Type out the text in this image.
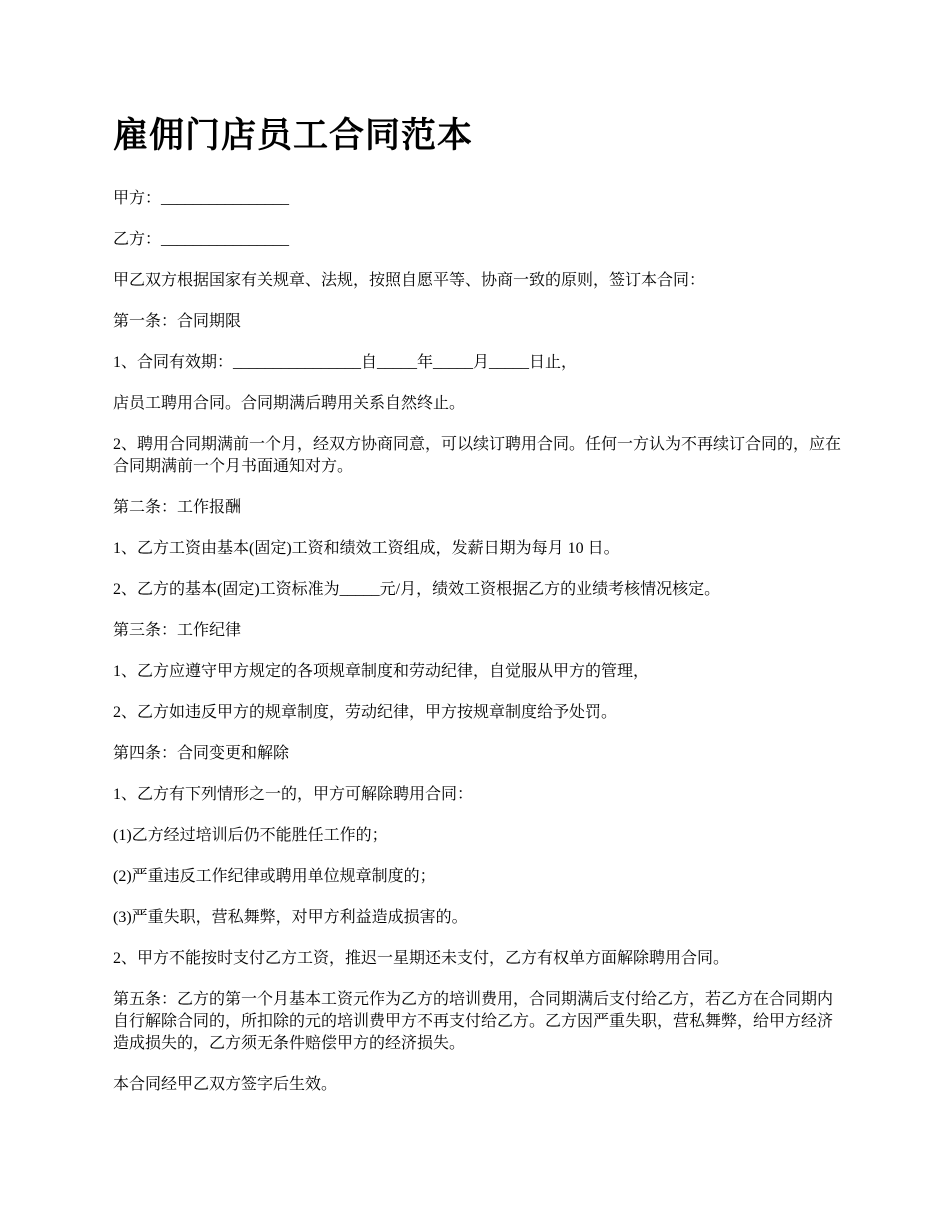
雇佣门店员工合同范本

甲方：________________

乙方：________________

甲乙双方根据国家有关规章、法规，按照自愿平等、协商一致的原则，签订本合同：

第一条：合同期限

1、合同有效期：________________自_____年_____月_____日止，

店员工聘用合同。合同期满后聘用关系自然终止。

2、聘用合同期满前一个月，经双方协商同意，可以续订聘用合同。任何一方认为不再续订合同的，应在合同期满前一个月书面通知对方。

第二条：工作报酬

1、乙方工资由基本(固定)工资和绩效工资组成，发薪日期为每月 10 日。

2、乙方的基本(固定)工资标准为_____元/月，绩效工资根据乙方的业绩考核情况核定。

第三条：工作纪律

1、乙方应遵守甲方规定的各项规章制度和劳动纪律，自觉服从甲方的管理，

2、乙方如违反甲方的规章制度，劳动纪律，甲方按规章制度给予处罚。

第四条：合同变更和解除

1、乙方有下列情形之一的，甲方可解除聘用合同：

(1)乙方经过培训后仍不能胜任工作的；

(2)严重违反工作纪律或聘用单位规章制度的；

(3)严重失职，营私舞弊，对甲方利益造成损害的。

2、甲方不能按时支付乙方工资，推迟一星期还未支付，乙方有权单方面解除聘用合同。

第五条：乙方的第一个月基本工资元作为乙方的培训费用，合同期满后支付给乙方，若乙方在合同期内自行解除合同的，所扣除的元的培训费甲方不再支付给乙方。乙方因严重失职，营私舞弊，给甲方经济造成损失的，乙方须无条件赔偿甲方的经济损失。

本合同经甲乙双方签字后生效。
